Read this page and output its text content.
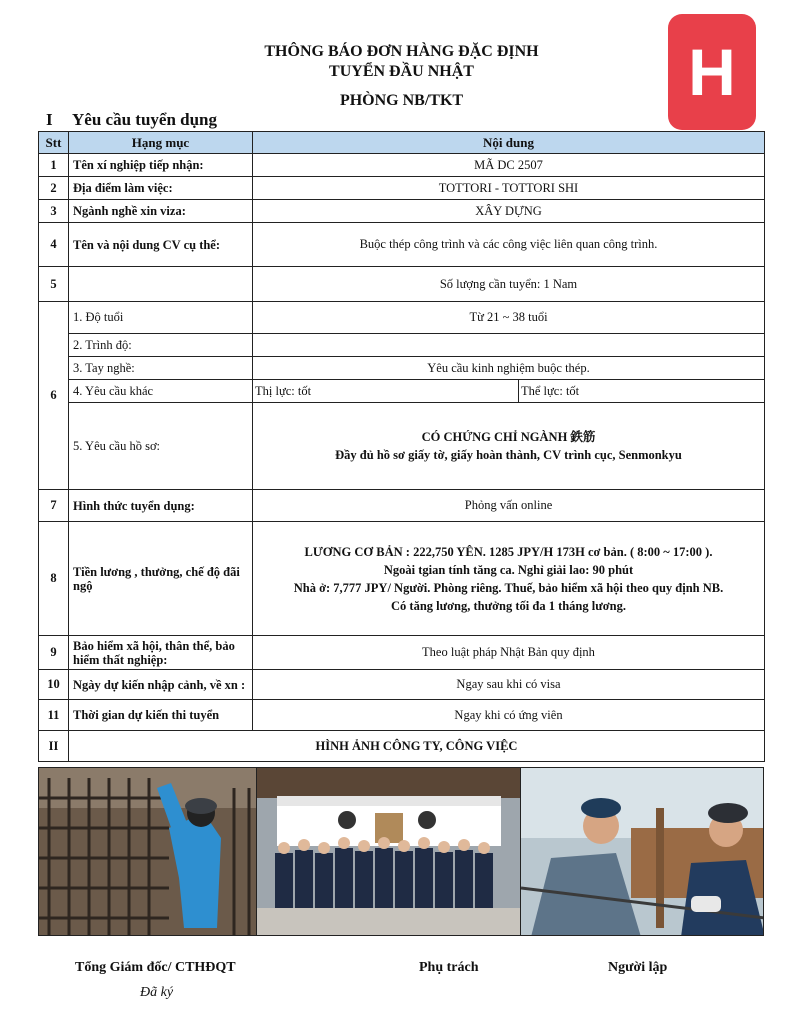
H
THÔNG BÁO ĐƠN HÀNG ĐẶC ĐỊNH
TUYỂN ĐẦU NHẬT
PHÒNG NB/TKT
I Yêu cầu tuyển dụng
Stt	Hạng mục	Nội dung
1	Tên xí nghiệp tiếp nhận:	MÃ DC 2507
2	Địa điểm làm việc:	TOTTORI - TOTTORI SHI
3	Ngành nghề xin viza:	XÂY DỰNG
4	Tên và nội dung CV cụ thể:	Buộc thép công trình và các công việc liên quan công trình.
5		Số lượng cần tuyển: 1 Nam
6	1. Độ tuổi	Từ 21 ~ 38 tuổi
	2. Trình độ:	
	3. Tay nghề:	Yêu cầu kinh nghiệm buộc thép.
	4. Yêu cầu khác	Thị lực: tốt Thể lực: tốt

	5. Yêu cầu hồ sơ:	CÓ CHỨNG CHỈ NGÀNH 鉄筋
Đầy đủ hồ sơ giấy tờ, giấy hoàn thành, CV trình cục, Senmonkyu

7	Hình thức tuyển dụng:	Phỏng vấn online
8	Tiền lương , thưởng, chế độ đãi ngộ	LƯƠNG CƠ BẢN : 222,750 YÊN. 1285 JPY/H 173H cơ bản. ( 8:00 ~ 17:00 ).
Ngoài tgian tính tăng ca. Nghỉ giải lao: 90 phút
Nhà ở: 7,777 JPY/ Người. Phòng riêng. Thuế, bảo hiểm xã hội theo quy định NB.
Có tăng lương, thưởng tối đa 1 tháng lương.

9	Bảo hiểm xã hội, thân thể, bảo hiểm thất nghiệp:	Theo luật pháp Nhật Bản quy định
10	Ngày dự kiến nhập cảnh, về xn :	Ngay sau khi có visa
11	Thời gian dự kiến thi tuyển	Ngay khi có ứng viên
II	HÌNH ẢNH CÔNG TY, CÔNG VIỆC	
Tổng Giám đốc/ CTHĐQT	Phụ trách	Người lập
Đã ký
